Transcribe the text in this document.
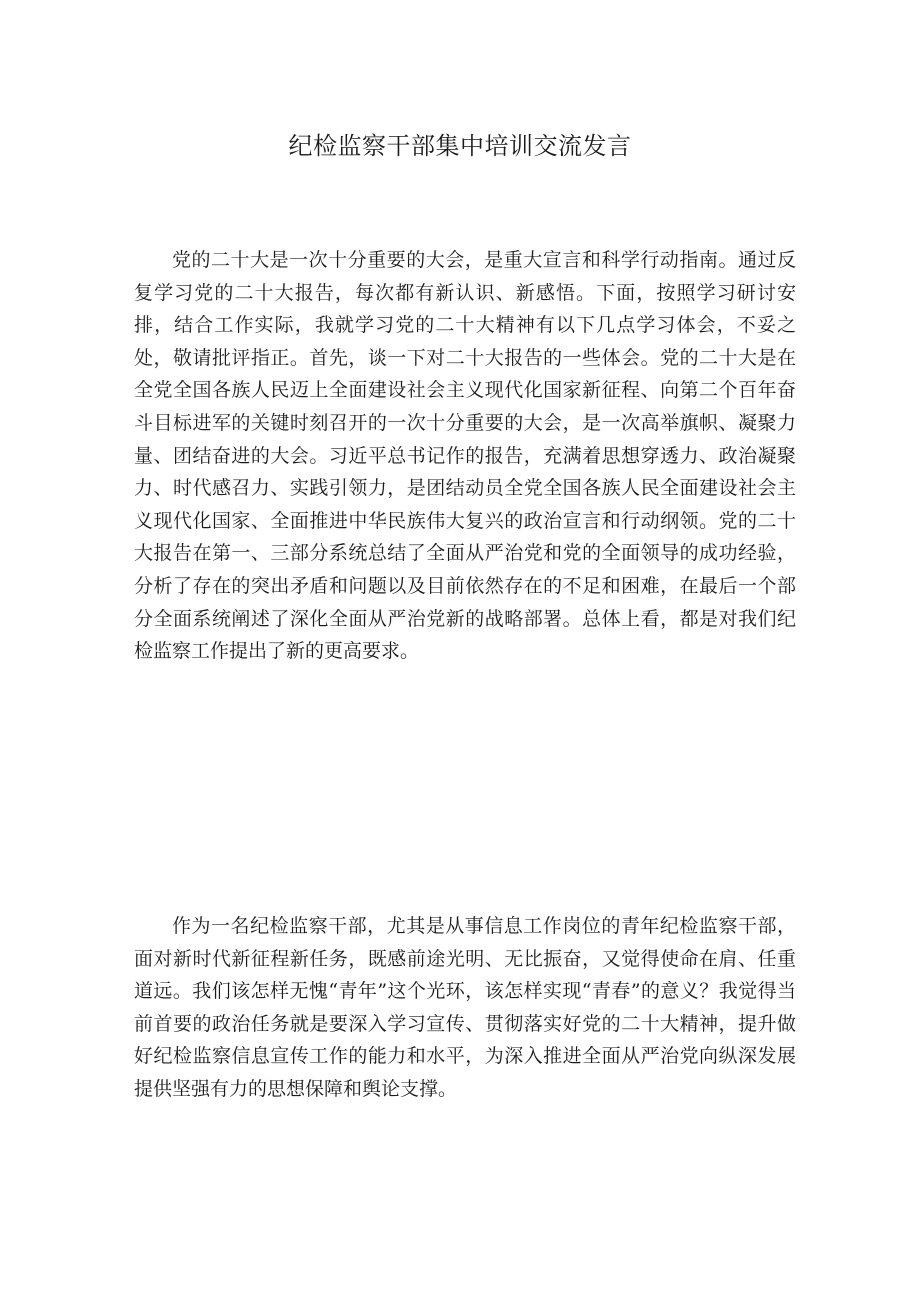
纪检监察干部集中培训交流发言

党的二十大是一次十分重要的大会，是重大宣言和科学行动指南。通过反复学习党的二十大报告，每次都有新认识、新感悟。下面，按照学习研讨安排，结合工作实际，我就学习党的二十大精神有以下几点学习体会，不妥之处，敬请批评指正。首先，谈一下对二十大报告的一些体会。党的二十大是在全党全国各族人民迈上全面建设社会主义现代化国家新征程、向第二个百年奋斗目标进军的关键时刻召开的一次十分重要的大会，是一次高举旗帜、凝聚力量、团结奋进的大会。习近平总书记作的报告，充满着思想穿透力、政治凝聚力、时代感召力、实践引领力，是团结动员全党全国各族人民全面建设社会主义现代化国家、全面推进中华民族伟大复兴的政治宣言和行动纲领。党的二十大报告在第一、三部分系统总结了全面从严治党和党的全面领导的成功经验，分析了存在的突出矛盾和问题以及目前依然存在的不足和困难，在最后一个部分全面系统阐述了深化全面从严治党新的战略部署。总体上看，都是对我们纪检监察工作提出了新的更高要求。

作为一名纪检监察干部，尤其是从事信息工作岗位的青年纪检监察干部，面对新时代新征程新任务，既感前途光明、无比振奋，又觉得使命在肩、任重道远。我们该怎样无愧“青年”这个光环，该怎样实现“青春”的意义？我觉得当前首要的政治任务就是要深入学习宣传、贯彻落实好党的二十大精神，提升做好纪检监察信息宣传工作的能力和水平，为深入推进全面从严治党向纵深发展提供坚强有力的思想保障和舆论支撑。
